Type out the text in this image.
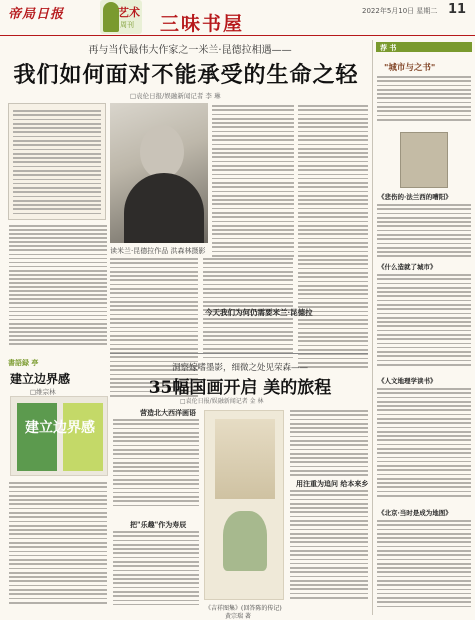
帝局日报	艺术
周刊 三味书屋
2022年5月10日 星期二 11
再与当代最伟大作家之一米兰·昆德拉相遇——
我们如何面对不能承受的生命之轻
□袁伦日报/娱融新闻记者 李 琳
读米兰·昆德拉作品 洪森林摄影
今天我们为何仍需要米兰·昆德拉
書語録 亭
建立边界感
□维宗林
建立边界感
洞察嫁嗜墨影，细微之处见荣森——
35幅国画开启 美的旅程
□袁伦日报/娱融新闻记者 金 林
营造北大西洋画语
把"乐趣"作为寿辰
《吉祥图集》(回答陈的传记)
黄宗瑞 著
用注重为追问 给本来乡
荐 书
"城市与之书"
《悲伤的·法兰西的嘈阳》
《什么造就了城市》
《人文地理学读书》
《北京·当时是成为地图》
